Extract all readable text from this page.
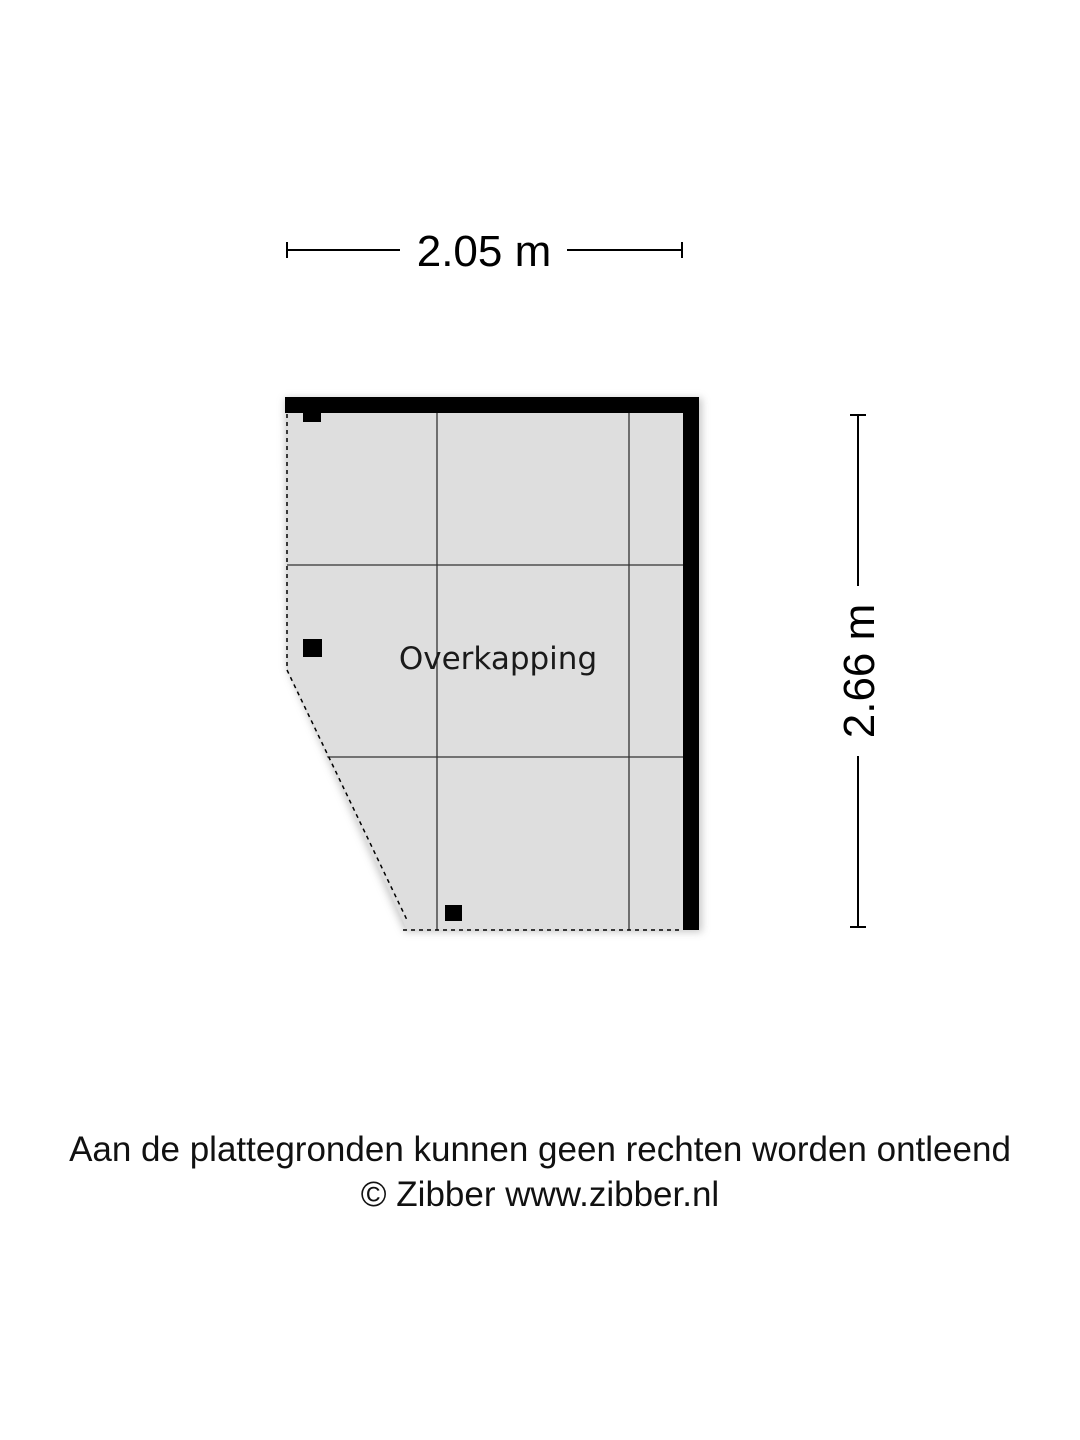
2.05 m
2.66 m
Overkapping
Aan de plattegronden kunnen geen rechten worden ontleend
© Zibber www.zibber.nl
